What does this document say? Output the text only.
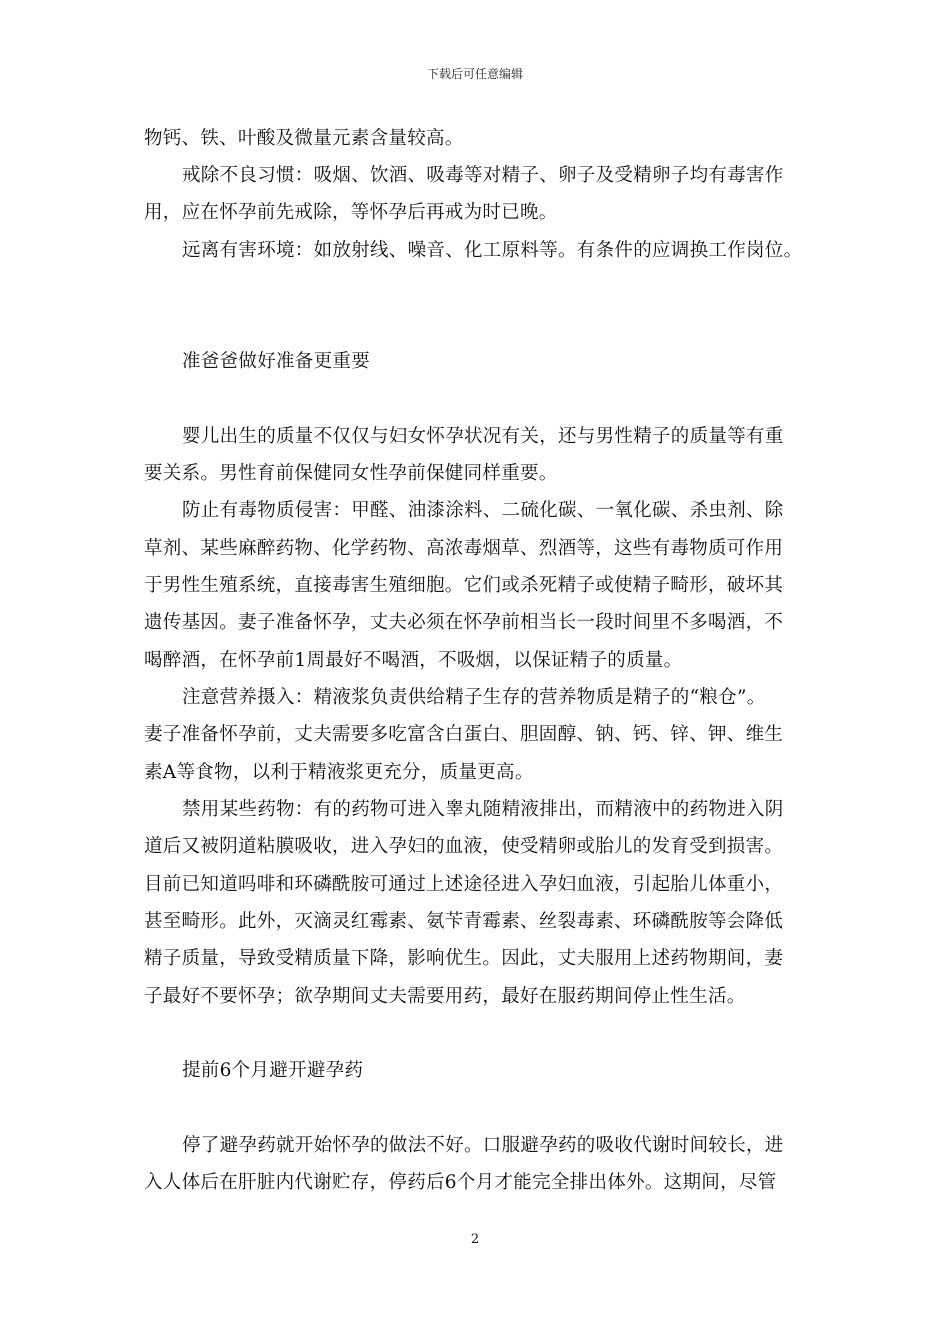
下载后可任意编辑
物钙、铁、叶酸及微量元素含量较高。
戒除不良习惯：吸烟、饮酒、吸毒等对精子、卵子及受精卵子均有毒害作
用，应在怀孕前先戒除，等怀孕后再戒为时已晚。
远离有害环境：如放射线、噪音、化工原料等。有条件的应调换工作岗位。
准爸爸做好准备更重要
婴儿出生的质量不仅仅与妇女怀孕状况有关，还与男性精子的质量等有重
要关系。男性育前保健同女性孕前保健同样重要。
防止有毒物质侵害：甲醛、油漆涂料、二硫化碳、一氧化碳、杀虫剂、除
草剂、某些麻醉药物、化学药物、高浓毒烟草、烈酒等，这些有毒物质可作用
于男性生殖系统，直接毒害生殖细胞。它们或杀死精子或使精子畸形，破坏其
遗传基因。妻子准备怀孕，丈夫必须在怀孕前相当长一段时间里不多喝酒，不
喝醉酒，在怀孕前1周最好不喝酒，不吸烟，以保证精子的质量。
注意营养摄入：精液浆负责供给精子生存的营养物质是精子的“粮仓”。
妻子准备怀孕前，丈夫需要多吃富含白蛋白、胆固醇、钠、钙、锌、钾、维生
素A等食物，以利于精液浆更充分，质量更高。
禁用某些药物：有的药物可进入睾丸随精液排出，而精液中的药物进入阴
道后又被阴道粘膜吸收，进入孕妇的血液，使受精卵或胎儿的发育受到损害。
目前已知道吗啡和环磷酰胺可通过上述途径进入孕妇血液，引起胎儿体重小，
甚至畸形。此外，灭滴灵红霉素、氨苄青霉素、丝裂毒素、环磷酰胺等会降低
精子质量，导致受精质量下降，影响优生。因此，丈夫服用上述药物期间，妻
子最好不要怀孕；欲孕期间丈夫需要用药，最好在服药期间停止性生活。
提前6个月避开避孕药
停了避孕药就开始怀孕的做法不好。口服避孕药的吸收代谢时间较长，进
入人体后在肝脏内代谢贮存，停药后6个月才能完全排出体外。这期间，尽管
2
